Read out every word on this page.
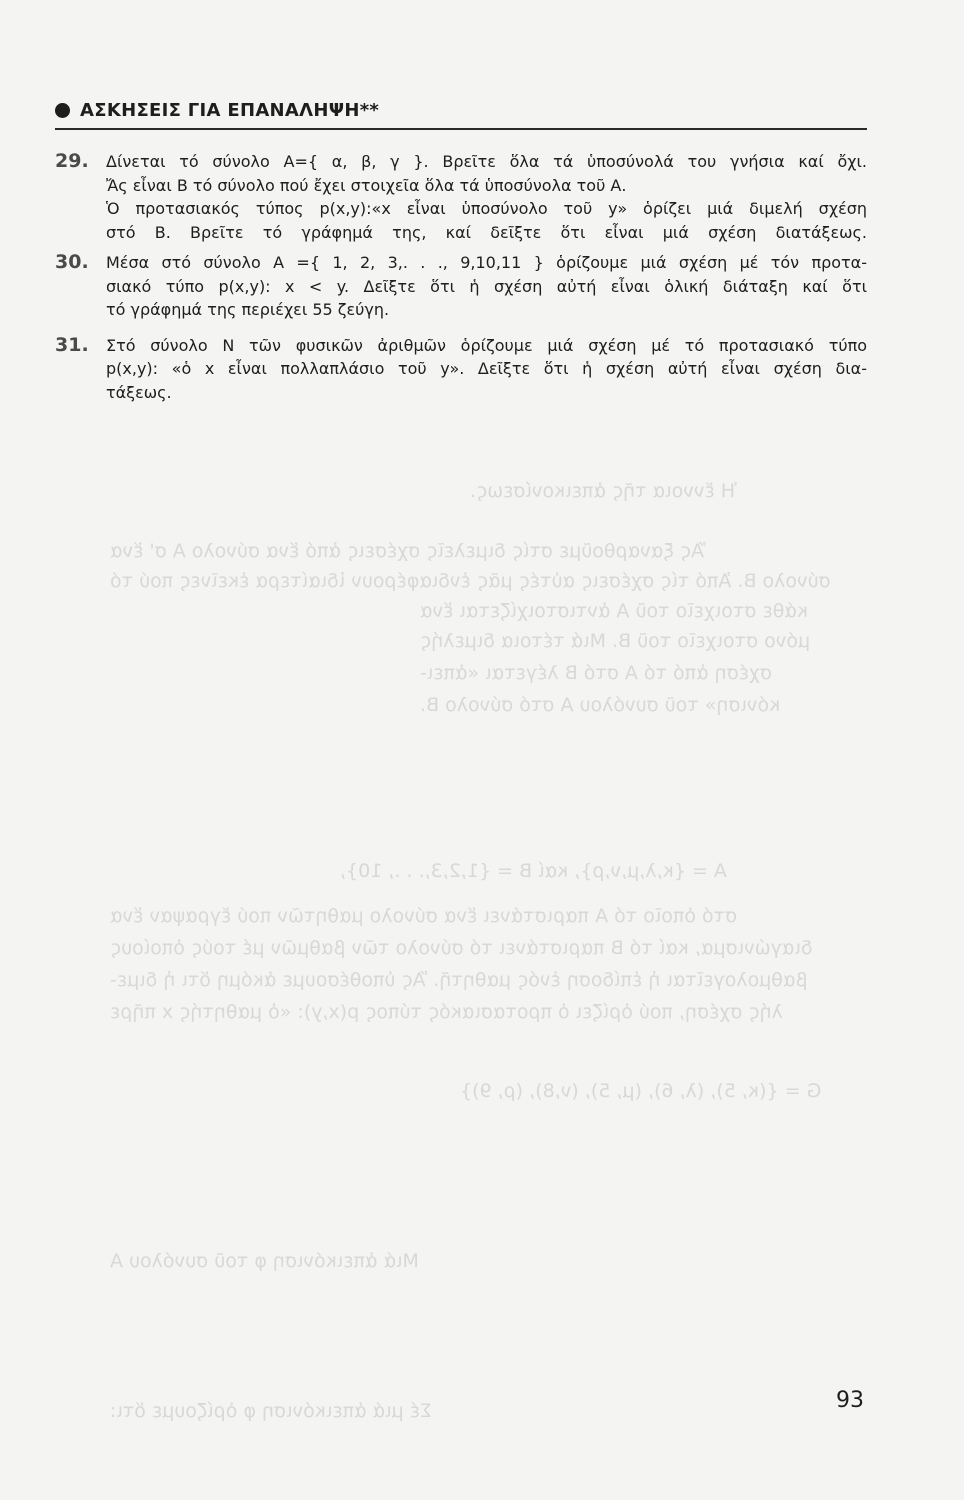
Ἡ ἔννοια τῆς ἀπεικονίσεως.
Ἄς ξαναρθοῦμε στίς διμελεῖς σχέσεις ἀπό ἕνα σύνολο Α σ' ἕνα
σύνολο Β. Ἀπό τίς σχέσεις αὐτές μᾶς ἐνδιαφέρουν ἰδιαίτερα ἐκεῖνες πού τό
κάθε στοιχεῖο τοῦ Α ἀντιστοιχίζεται ἕνα
μόνο στοιχεῖο τοῦ Β. Μιά τέτοια διμελής
σχέση ἀπό τό Α στό Β λέγεται «ἀπει-
κόνιση» τοῦ συνόλου Α στό σύνολο Β.
A = {κ,λ,μ,ν,ρ}, καί B = {1,2,3,. . ., 10},
στό ὁποῖο τό Α παριστάνει ἕνα σύνολο μαθητῶν πού ἔγραψαν ἕνα
διαγώνισμα, καί τό Β παριστάνει τό σύνολο τῶν βαθμῶν μέ τούς ὁποίους
βαθμολογεῖται ἡ ἐπίδοση ἑνός μαθητῆ. Ἄς ὑποθέσουμε ἀκόμη ὅτι ἡ διμε-
λής σχέση, πού ὁρίζει ὁ προτασιακός τύπος p(x,y): «ὁ μαθητής x πῆρε
G = {(κ, 5), (λ, 6), (μ, 5), (ν,8), (ρ, 9)}
Μιά ἀπεικόνιση φ τοῦ συνόλου Α
Σέ μιά ἀπεικόνιση φ ὁρίζουμε ὅτι:
ΑΣΚΗΣΕΙΣ ΓΙΑ ΕΠΑΝΑΛΗΨΗ**
29. Δίνεται τό σύνολο Α={ α, β, γ }. Βρεῖτε ὅλα τά ὑποσύνολά του γνήσια καί ὄχι.
Ἄς εἶναι Β τό σύνολο πού ἔχει στοιχεῖα ὅλα τά ὑποσύνολα τοῦ Α.
Ὁ προτασιακός τύπος p(x,y):«x εἶναι ὑποσύνολο τοῦ y» ὁρίζει μιά διμελή σχέση
στό Β. Βρεῖτε τό γράφημά της, καί δεῖξτε ὅτι εἶναι μιά σχέση διατάξεως.
30. Μέσα στό σύνολο Α ={ 1, 2, 3,. . ., 9,10,11 } ὁρίζουμε μιά σχέση μέ τόν προτα-
σιακό τύπο p(x,y): x < y. Δεῖξτε ὅτι ἡ σχέση αὐτή εἶναι ὁλική διάταξη καί ὅτι
τό γράφημά της περιέχει 55 ζεύγη.
31. Στό σύνολο Ν τῶν φυσικῶν ἀριθμῶν ὁρίζουμε μιά σχέση μέ τό προτασιακό τύπο
p(x,y): «ὁ x εἶναι πολλαπλάσιο τοῦ y». Δεῖξτε ὅτι ἡ σχέση αὐτή εἶναι σχέση δια-
τάξεως.
93
